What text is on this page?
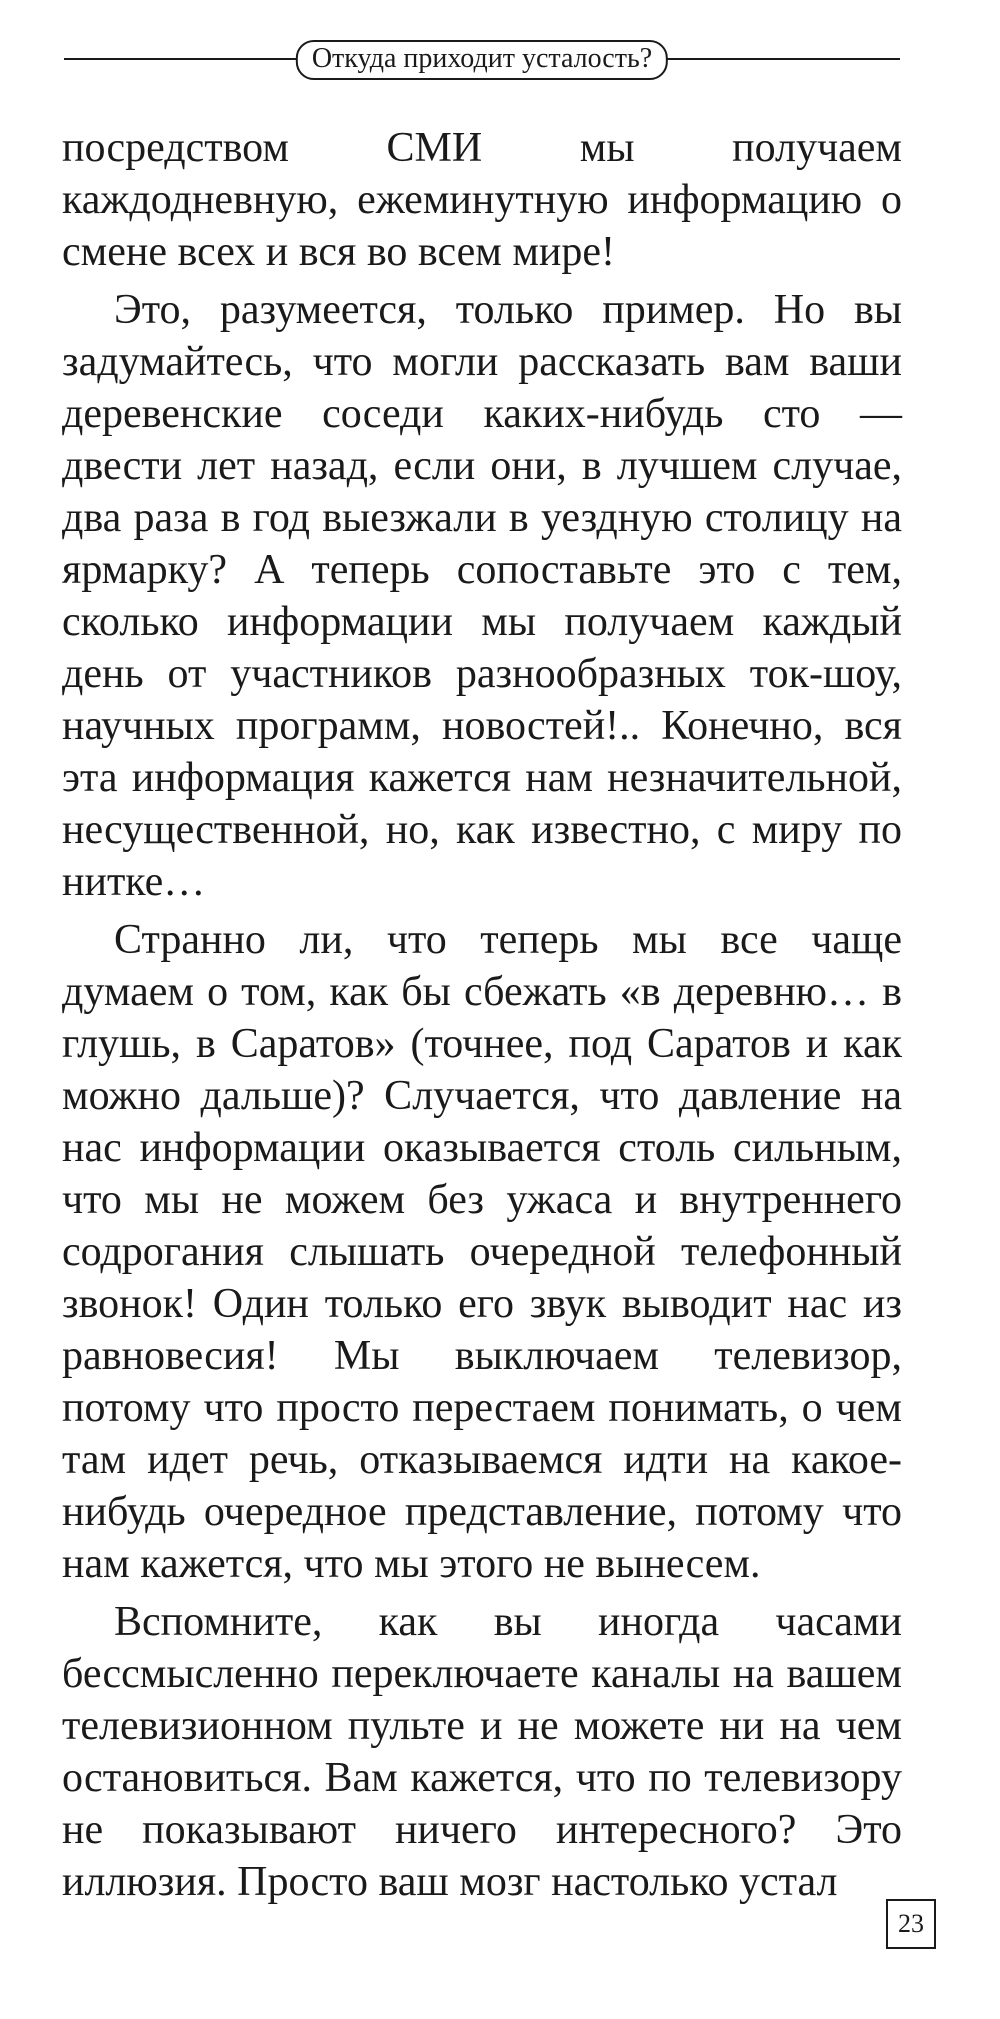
Откуда приходит усталость?

посредством СМИ мы получаем каждодневную, ежеминутную информацию о смене всех и вся во всем мире!

Это, разумеется, только пример. Но вы задумайтесь, что могли рассказать вам ваши деревенские соседи каких-нибудь сто — двести лет назад, если они, в лучшем случае, два раза в год выезжали в уездную столицу на ярмарку? А теперь сопоставьте это с тем, сколько информации мы получаем каждый день от участников разнообразных ток-шоу, научных программ, новостей!.. Конечно, вся эта информация кажется нам незначительной, несущественной, но, как известно, с миру по нитке…

Странно ли, что теперь мы все чаще думаем о том, как бы сбежать «в деревню… в глушь, в Саратов» (точнее, под Саратов и как можно дальше)? Случается, что давление на нас информации оказывается столь сильным, что мы не можем без ужаса и внутреннего содрогания слышать очередной телефонный звонок! Один только его звук выводит нас из равновесия! Мы выключаем телевизор, потому что просто перестаем понимать, о чем там идет речь, отказываемся идти на какое-нибудь очередное представление, потому что нам кажется, что мы этого не вынесем.

Вспомните, как вы иногда часами бессмысленно переключаете каналы на вашем телевизионном пульте и не можете ни на чем остановиться. Вам кажется, что по телевизору не показывают ничего интересного? Это иллюзия. Просто ваш мозг настолько устал

23
